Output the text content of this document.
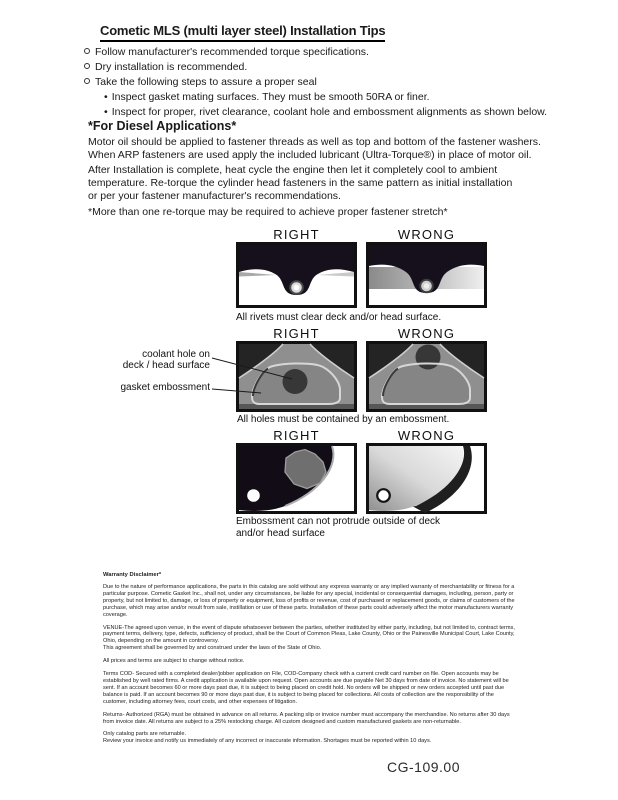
Cometic MLS (multi layer steel) Installation Tips
Follow manufacturer's recommended torque specifications.
Dry installation is recommended.
Take the following steps to assure a proper seal
• Inspect gasket mating surfaces. They must be smooth 50RA or finer.
• Inspect for proper, rivet clearance, coolant hole and embossment alignments as shown below.
*For Diesel Applications*
Motor oil should be applied to fastener threads as well as top and bottom of the fastener washers.
When ARP fasteners are used apply the included lubricant (Ultra-Torque®) in place of motor oil.
After Installation is complete, heat cycle the engine then let it completely cool to ambient
temperature. Re-torque the cylinder head fasteners in the same pattern as initial installation
or per your fastener manufacturer's recommendations.
*More than one re-torque may be required to achieve proper fastener stretch*
RIGHT	WRONG
All rivets must clear deck and/or head surface.
RIGHT	WRONG
coolant hole on
deck / head surface
gasket embossment
All holes must be contained by an embossment.
RIGHT	WRONG
Embossment can not protrude outside of deck
and/or head surface
Warranty Disclaimer*
Due to the nature of performance applications, the parts in this catalog are sold without any express warranty or any implied warranty of merchantability or fitness for a particular purpose. Cometic Gasket Inc., shall not, under any circumstances, be liable for any special, incidental or consequential damages, including, person, party or property, but not limited to, damage, or loss of property or equipment, loss of profits or revenue, cost of purchased or replacement goods, or claims of customers of the purchase, which may arise and/or result from sale, instillation or use of these parts. Installation of these parts could adversely affect the motor manufacturers warranty coverage.
VENUE-The agreed upon venue, in the event of dispute whatsoever between the parties, whether instituted by either party, including, but not limited to, contract terms, payment terms, delivery, type, defects, sufficiency of product, shall be the Court of Common Pleas, Lake County, Ohio or the Painesville Municipal Court, Lake County, Ohio, depending on the amount in controversy.
This agreement shall be governed by and construed under the laws of the State of Ohio.
All prices and terms are subject to change without notice.
Terms COD- Secured with a completed dealer/jobber application on File, COD-Company check with a current credit card number on file. Open accounts may be established by well rated firms. A credit application is available upon request. Open accounts are due payable Net 30 days from date of invoice. No statement will be sent. If an account becomes 60 or more days past due, it is subject to being placed on credit hold. No orders will be shipped or new orders accepted until past due balance is paid. If an account becomes 90 or more days past due, it is subject to being placed for collections. All costs of collection are the responsibility of the customer, including attorney fees, court costs, and other expenses of litigation.
Returns- Authorized (RGA) must be obtained in advance on all returns. A packing slip or invoice number must accompany the merchandise. No returns after 30 days from invoice date. All returns are subject to a 25% restocking charge. All custom designed and custom manufactured gaskets are non-returnable.
Only catalog parts are returnable.
Review your invoice and notify us immediately of any incorrect or inaccurate information. Shortages must be reported within 10 days.
CG-109.00
